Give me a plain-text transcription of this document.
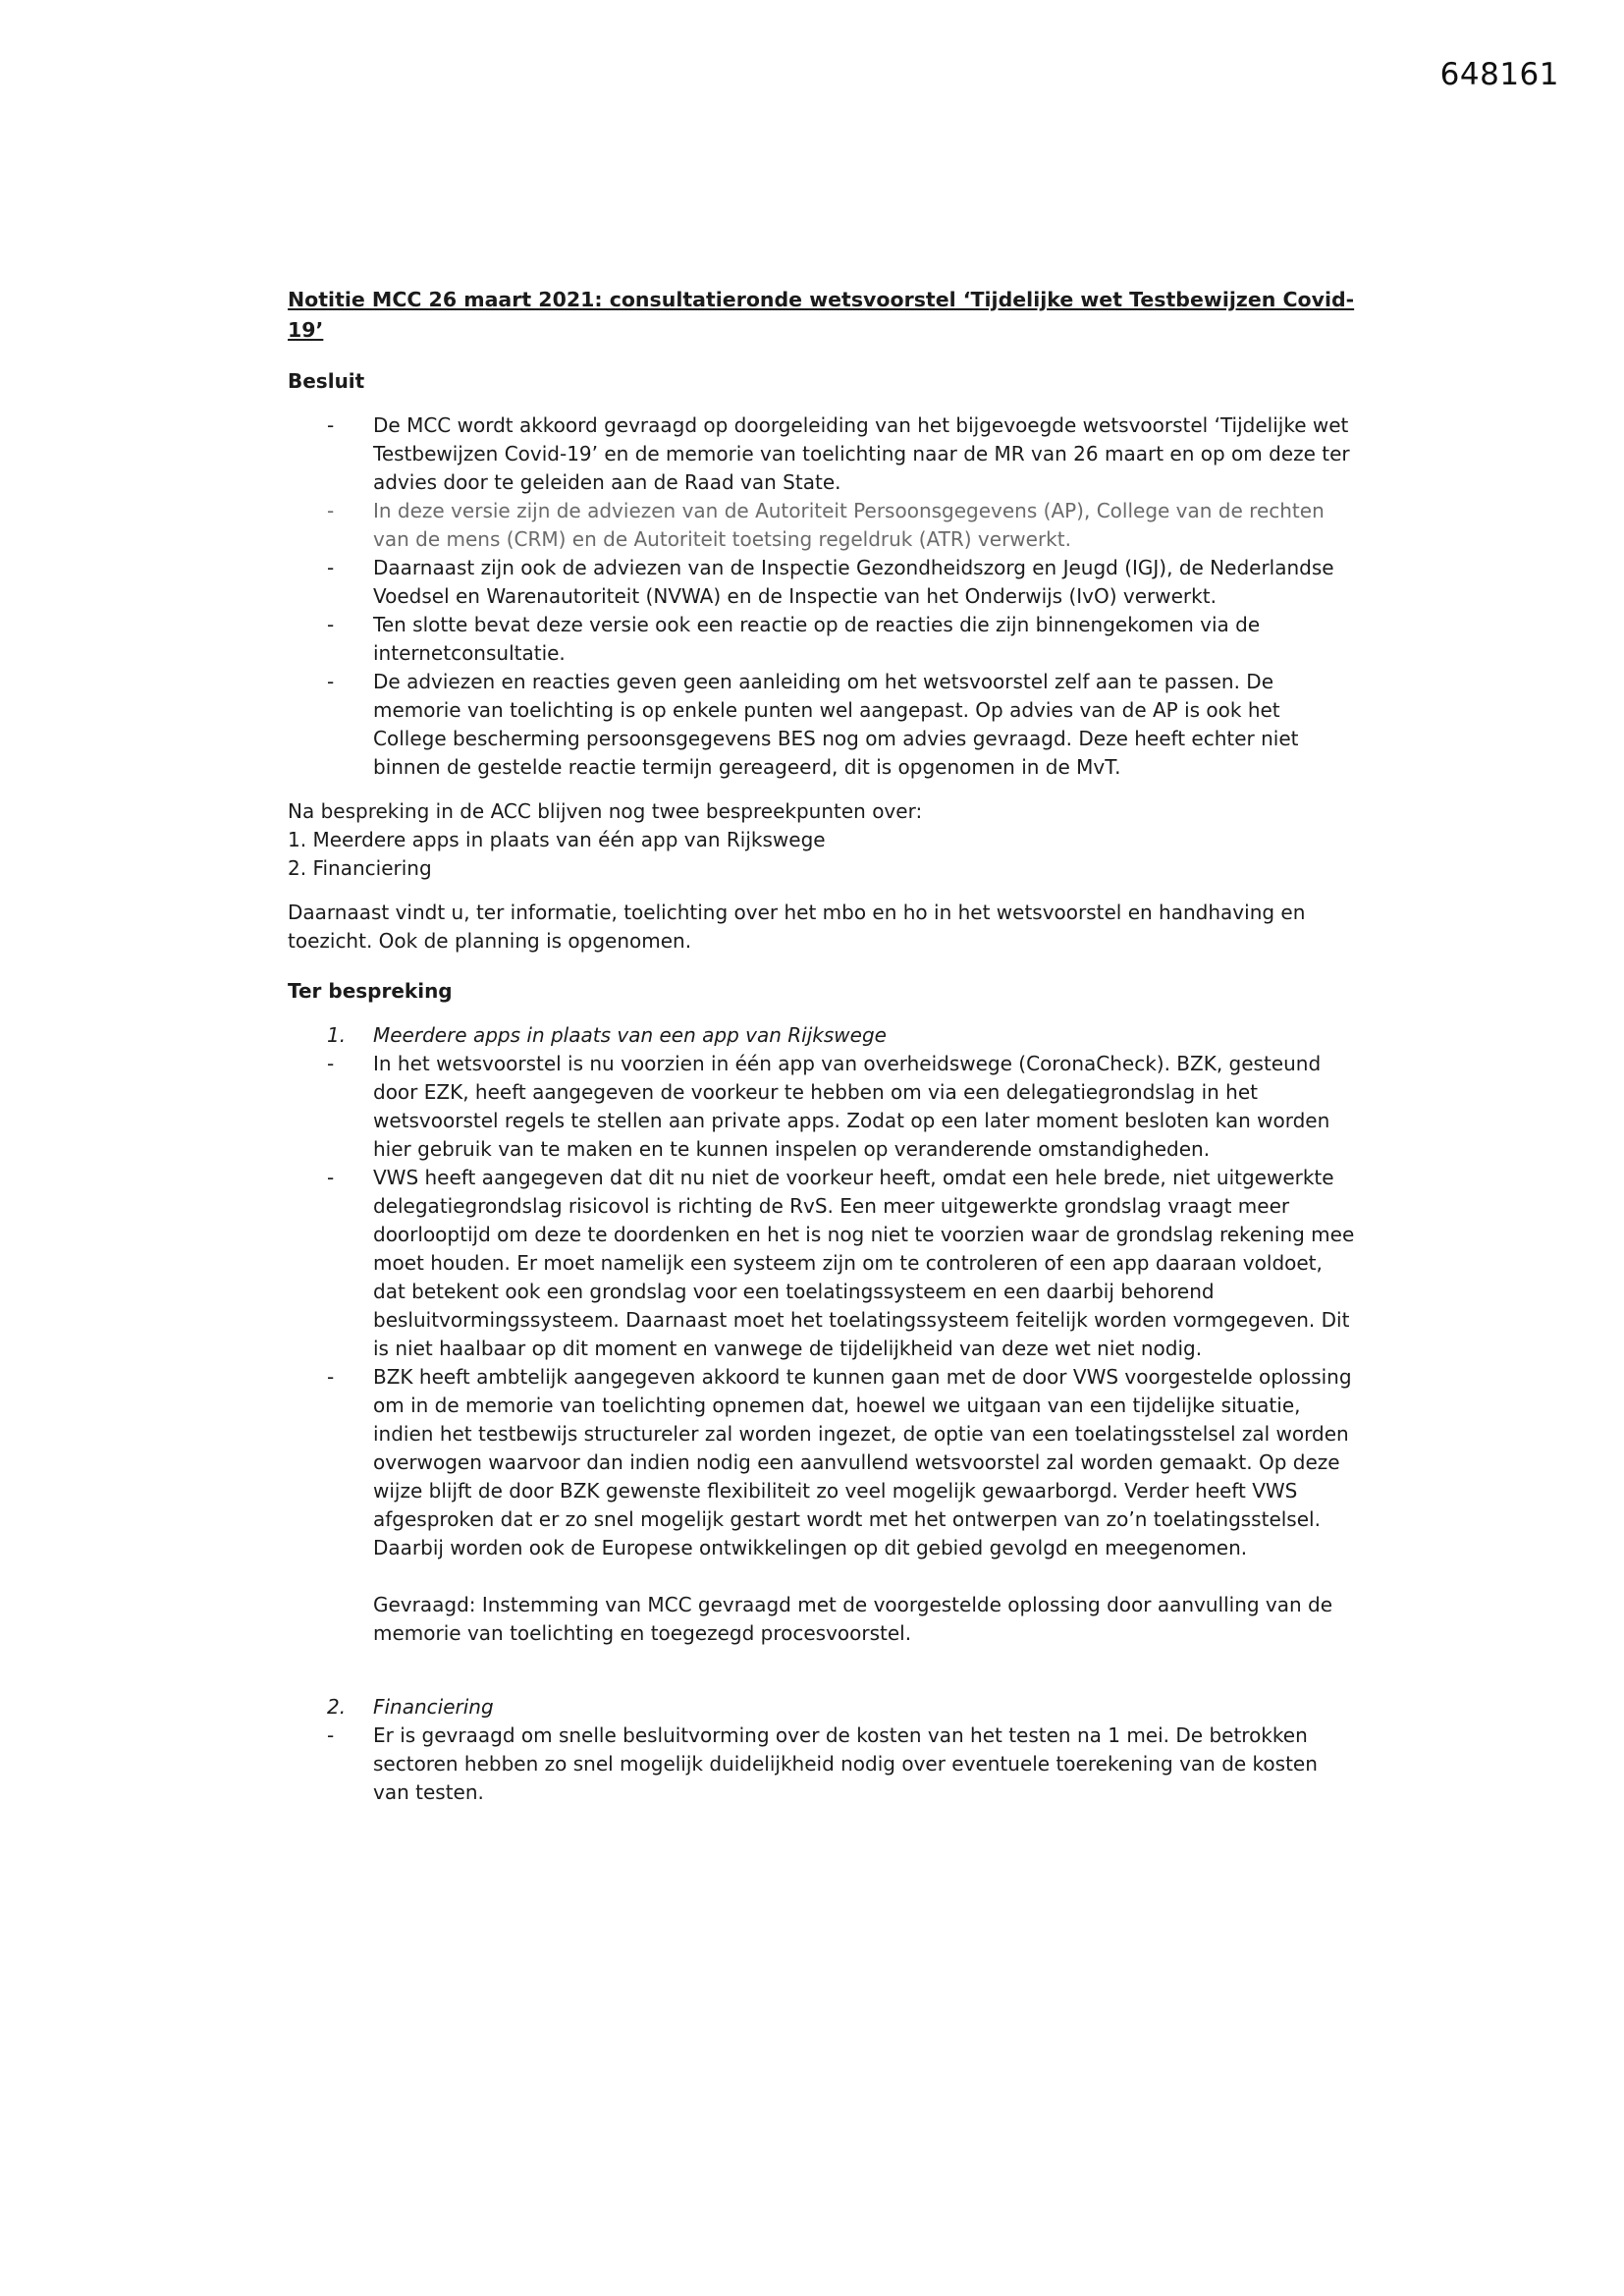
648161
Notitie MCC 26 maart 2021: consultatieronde wetsvoorstel ‘Tijdelijke wet Testbewijzen Covid-19’
Besluit
-	De MCC wordt akkoord gevraagd op doorgeleiding van het bijgevoegde wetsvoorstel ‘Tijdelijke wet Testbewijzen Covid-19’ en de memorie van toelichting naar de MR van 26 maart en op om deze ter advies door te geleiden aan de Raad van State.
-	In deze versie zijn de adviezen van de Autoriteit Persoonsgegevens (AP), College van de rechten van de mens (CRM) en de Autoriteit toetsing regeldruk (ATR) verwerkt.
-	Daarnaast zijn ook de adviezen van de Inspectie Gezondheidszorg en Jeugd (IGJ), de Nederlandse Voedsel en Warenautoriteit (NVWA) en de Inspectie van het Onderwijs (IvO) verwerkt.
-	Ten slotte bevat deze versie ook een reactie op de reacties die zijn binnengekomen via de internetconsultatie.
-	De adviezen en reacties geven geen aanleiding om het wetsvoorstel zelf aan te passen. De memorie van toelichting is op enkele punten wel aangepast. Op advies van de AP is ook het College bescherming persoonsgegevens BES nog om advies gevraagd. Deze heeft echter niet binnen de gestelde reactie termijn gereageerd, dit is opgenomen in de MvT.
Na bespreking in de ACC blijven nog twee bespreekpunten over:
1. Meerdere apps in plaats van één app van Rijkswege
2. Financiering
Daarnaast vindt u, ter informatie, toelichting over het mbo en ho in het wetsvoorstel en handhaving en toezicht. Ook de planning is opgenomen.
Ter bespreking
1.	Meerdere apps in plaats van een app van Rijkswege
-	In het wetsvoorstel is nu voorzien in één app van overheidswege (CoronaCheck). BZK, gesteund door EZK, heeft aangegeven de voorkeur te hebben om via een delegatiegrondslag in het wetsvoorstel regels te stellen aan private apps. Zodat op een later moment besloten kan worden hier gebruik van te maken en te kunnen inspelen op veranderende omstandigheden.
-	VWS heeft aangegeven dat dit nu niet de voorkeur heeft, omdat een hele brede, niet uitgewerkte delegatiegrondslag risicovol is richting de RvS. Een meer uitgewerkte grondslag vraagt meer doorlooptijd om deze te doordenken en het is nog niet te voorzien waar de grondslag rekening mee moet houden. Er moet namelijk een systeem zijn om te controleren of een app daaraan voldoet, dat betekent ook een grondslag voor een toelatingssysteem en een daarbij behorend besluitvormingssysteem. Daarnaast moet het toelatingssysteem feitelijk worden vormgegeven. Dit is niet haalbaar op dit moment en vanwege de tijdelijkheid van deze wet niet nodig.
-	BZK heeft ambtelijk aangegeven akkoord te kunnen gaan met de door VWS voorgestelde oplossing om in de memorie van toelichting opnemen dat, hoewel we uitgaan van een tijdelijke situatie, indien het testbewijs structureler zal worden ingezet, de optie van een toelatingsstelsel zal worden overwogen waarvoor dan indien nodig een aanvullend wetsvoorstel zal worden gemaakt. Op deze wijze blijft de door BZK gewenste flexibiliteit zo veel mogelijk gewaarborgd. Verder heeft VWS afgesproken dat er zo snel mogelijk gestart wordt met het ontwerpen van zo’n toelatingsstelsel. Daarbij worden ook de Europese ontwikkelingen op dit gebied gevolgd en meegenomen.
Gevraagd: Instemming van MCC gevraagd met de voorgestelde oplossing door aanvulling van de memorie van toelichting en toegezegd procesvoorstel.
2.	Financiering
-	Er is gevraagd om snelle besluitvorming over de kosten van het testen na 1 mei. De betrokken sectoren hebben zo snel mogelijk duidelijkheid nodig over eventuele toerekening van de kosten van testen.
